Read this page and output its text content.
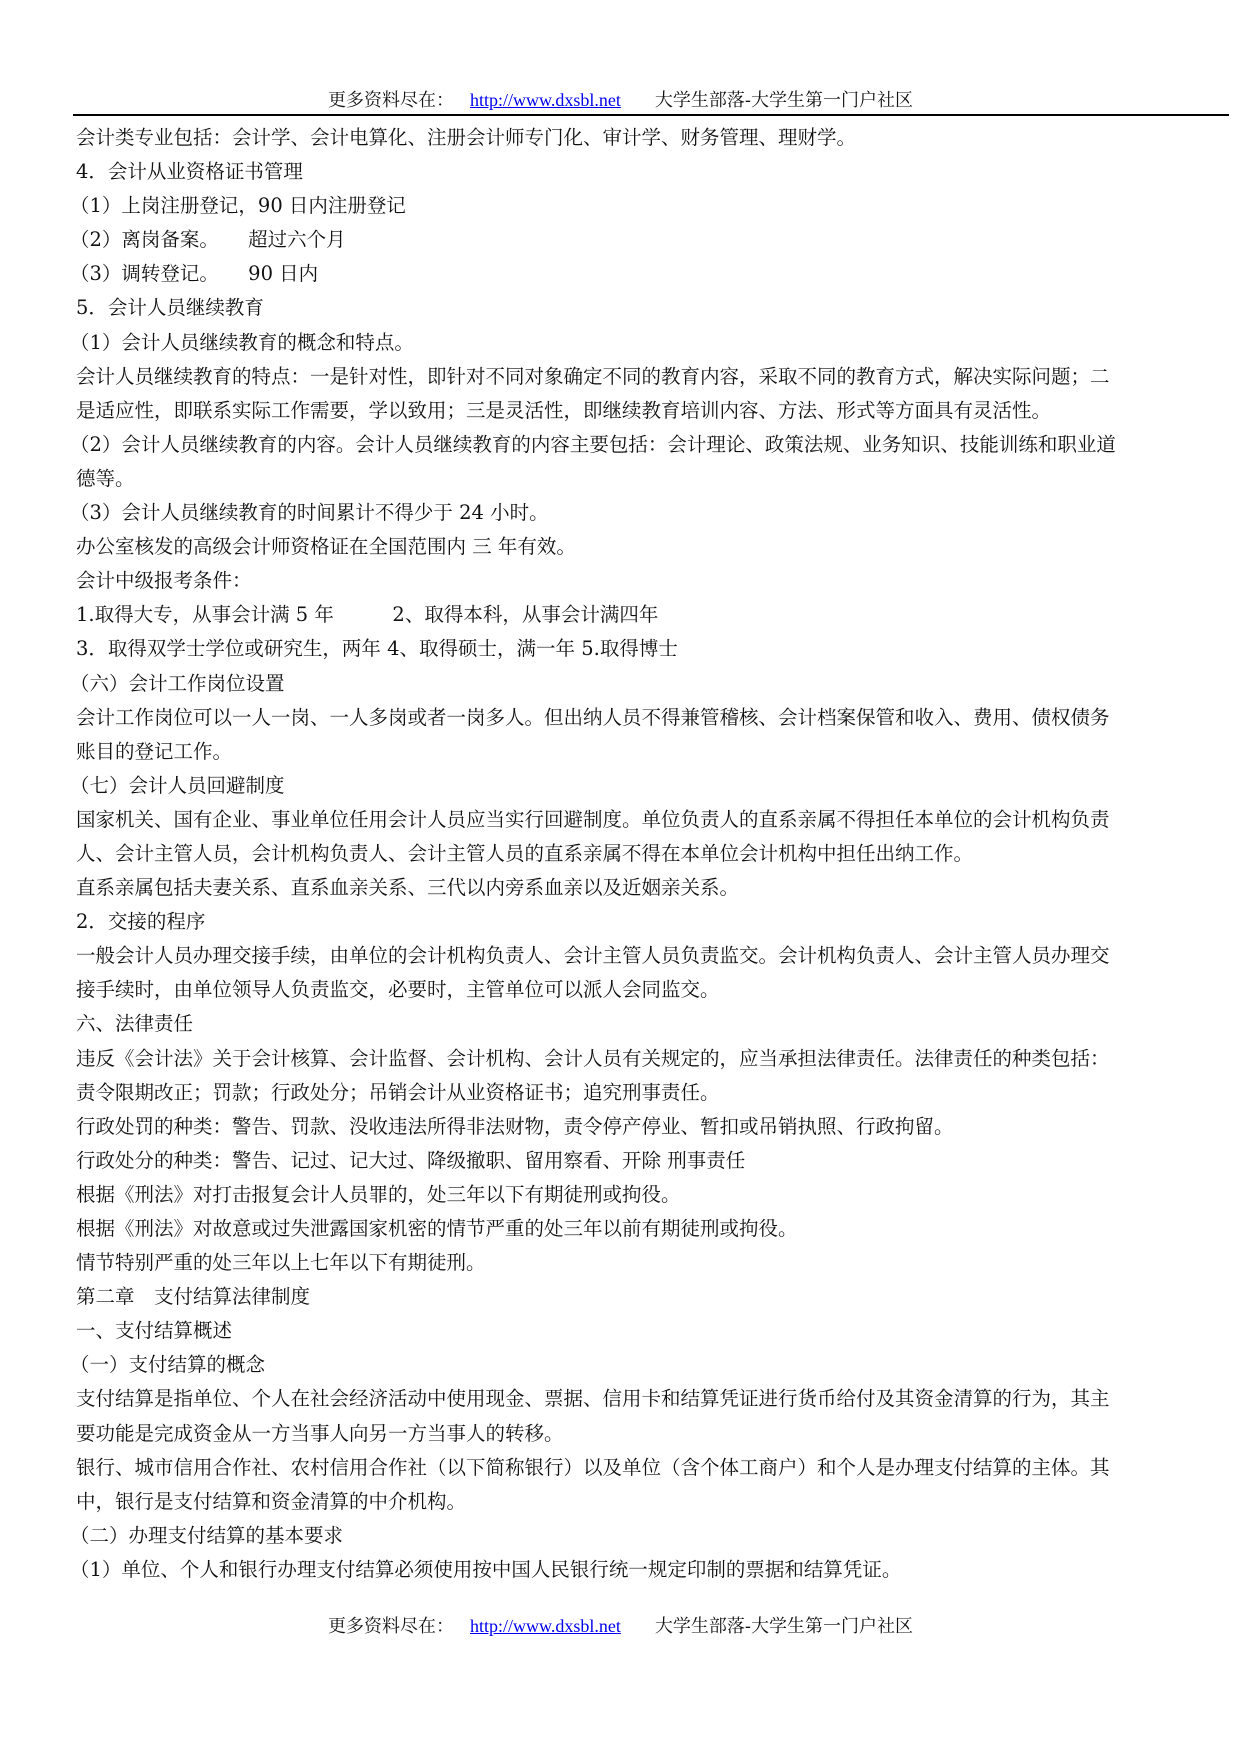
更多资料尽在： http://www.dxsbl.net 大学生部落-大学生第一门户社区
会计类专业包括：会计学、会计电算化、注册会计师专门化、审计学、财务管理、理财学。
4．会计从业资格证书管理
（1）上岗注册登记，90 日内注册登记
（2）离岗备案。　　超过六个月
（3）调转登记。　　90 日内
5．会计人员继续教育
（1）会计人员继续教育的概念和特点。
会计人员继续教育的特点：一是针对性，即针对不同对象确定不同的教育内容，采取不同的教育方式，解决实际问题；二
是适应性，即联系实际工作需要，学以致用；三是灵活性，即继续教育培训内容、方法、形式等方面具有灵活性。
（2）会计人员继续教育的内容。会计人员继续教育的内容主要包括：会计理论、政策法规、业务知识、技能训练和职业道
德等。
（3）会计人员继续教育的时间累计不得少于 24 小时。
办公室核发的高级会计师资格证在全国范围内 三 年有效。
会计中级报考条件：
1.取得大专，从事会计满 5 年　　　2、取得本科，从事会计满四年
3．取得双学士学位或研究生，两年 4、取得硕士，满一年 5.取得博士
（六）会计工作岗位设置
会计工作岗位可以一人一岗、一人多岗或者一岗多人。但出纳人员不得兼管稽核、会计档案保管和收入、费用、债权债务
账目的登记工作。
（七）会计人员回避制度
国家机关、国有企业、事业单位任用会计人员应当实行回避制度。单位负责人的直系亲属不得担任本单位的会计机构负责
人、会计主管人员，会计机构负责人、会计主管人员的直系亲属不得在本单位会计机构中担任出纳工作。
直系亲属包括夫妻关系、直系血亲关系、三代以内旁系血亲以及近姻亲关系。
2．交接的程序
一般会计人员办理交接手续，由单位的会计机构负责人、会计主管人员负责监交。会计机构负责人、会计主管人员办理交
接手续时，由单位领导人负责监交，必要时，主管单位可以派人会同监交。
六、法律责任
违反《会计法》关于会计核算、会计监督、会计机构、会计人员有关规定的，应当承担法律责任。法律责任的种类包括：
责令限期改正；罚款；行政处分；吊销会计从业资格证书；追究刑事责任。
行政处罚的种类：警告、罚款、没收违法所得非法财物，责令停产停业、暂扣或吊销执照、行政拘留。
行政处分的种类：警告、记过、记大过、降级撤职、留用察看、开除 刑事责任
根据《刑法》对打击报复会计人员罪的，处三年以下有期徒刑或拘役。
根据《刑法》对故意或过失泄露国家机密的情节严重的处三年以前有期徒刑或拘役。
情节特别严重的处三年以上七年以下有期徒刑。
第二章　支付结算法律制度
一、支付结算概述
（一）支付结算的概念
支付结算是指单位、个人在社会经济活动中使用现金、票据、信用卡和结算凭证进行货币给付及其资金清算的行为，其主
要功能是完成资金从一方当事人向另一方当事人的转移。
银行、城市信用合作社、农村信用合作社（以下简称银行）以及单位（含个体工商户）和个人是办理支付结算的主体。其
中，银行是支付结算和资金清算的中介机构。
（二）办理支付结算的基本要求
（1）单位、个人和银行办理支付结算必须使用按中国人民银行统一规定印制的票据和结算凭证。
更多资料尽在： http://www.dxsbl.net 大学生部落-大学生第一门户社区
